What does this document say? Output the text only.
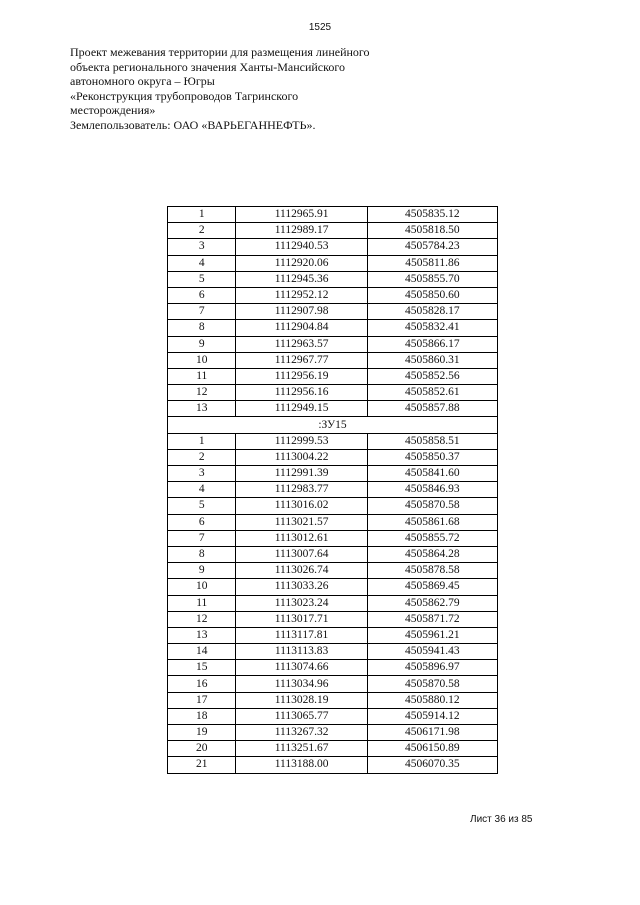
1525
Проект межевания территории для размещения линейного
объекта регионального значения Ханты-Мансийского
автономного округа – Югры
«Реконструкция трубопроводов Тагринского
месторождения»
Землепользователь: ОАО «ВАРЬЕГАННЕФТЬ».
1	1112965.91	4505835.12
2	1112989.17	4505818.50
3	1112940.53	4505784.23
4	1112920.06	4505811.86
5	1112945.36	4505855.70
6	1112952.12	4505850.60
7	1112907.98	4505828.17
8	1112904.84	4505832.41
9	1112963.57	4505866.17
10	1112967.77	4505860.31
11	1112956.19	4505852.56
12	1112956.16	4505852.61
13	1112949.15	4505857.88
:ЗУ15		
1	1112999.53	4505858.51
2	1113004.22	4505850.37
3	1112991.39	4505841.60
4	1112983.77	4505846.93
5	1113016.02	4505870.58
6	1113021.57	4505861.68
7	1113012.61	4505855.72
8	1113007.64	4505864.28
9	1113026.74	4505878.58
10	1113033.26	4505869.45
11	1113023.24	4505862.79
12	1113017.71	4505871.72
13	1113117.81	4505961.21
14	1113113.83	4505941.43
15	1113074.66	4505896.97
16	1113034.96	4505870.58
17	1113028.19	4505880.12
18	1113065.77	4505914.12
19	1113267.32	4506171.98
20	1113251.67	4506150.89
21	1113188.00	4506070.35
Лист 36 из 85
